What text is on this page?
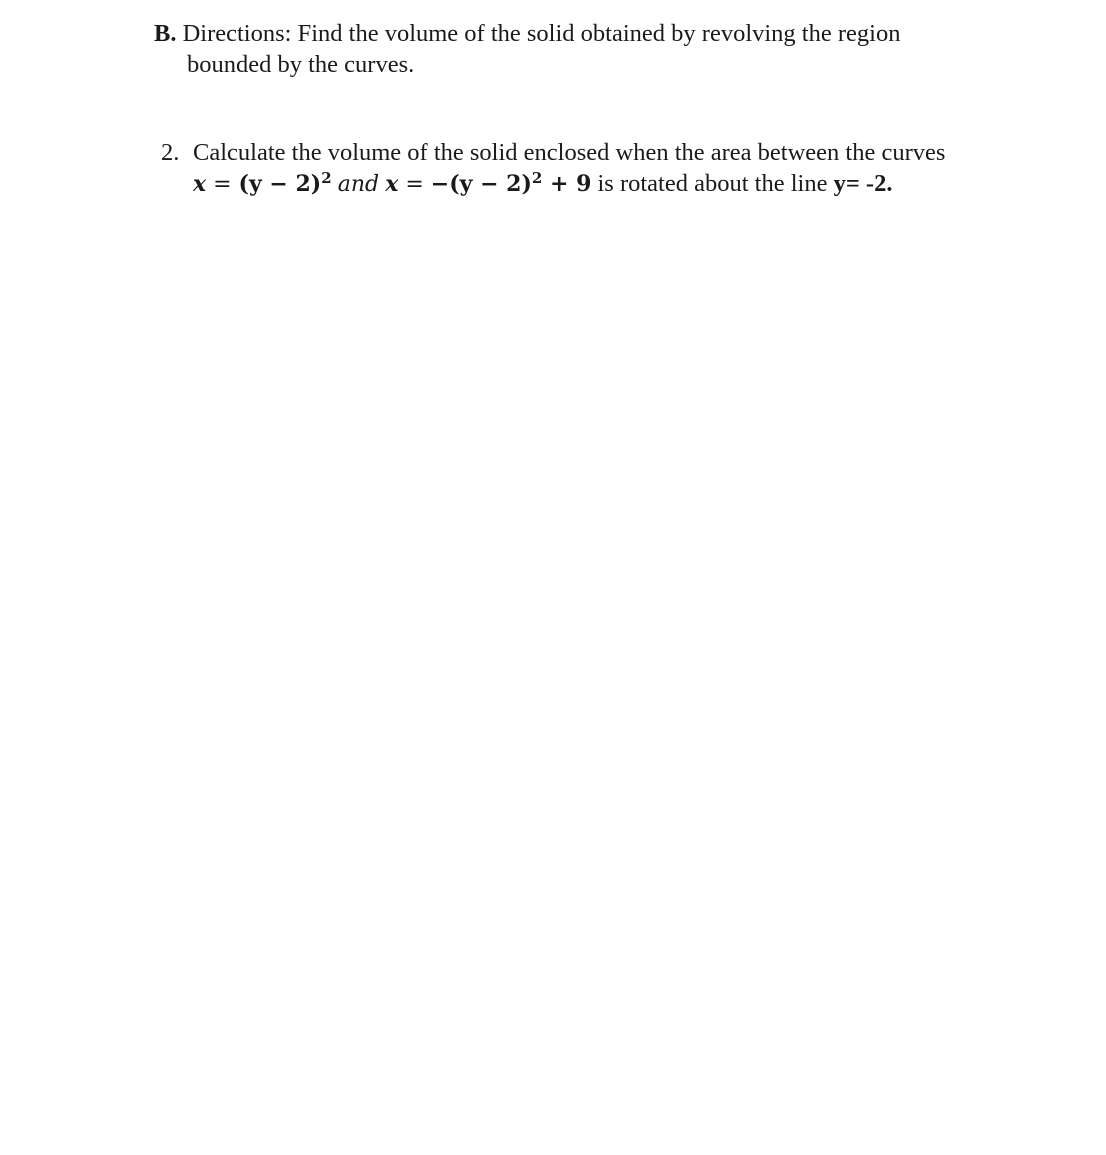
B. Directions: Find the volume of the solid obtained by revolving the region
bounded by the curves.
2. Calculate the volume of the solid enclosed when the area between the curves
$x = (y - 2)^2$ and $x = -(y - 2)^2 + 9$ is rotated about the line y= -2.
